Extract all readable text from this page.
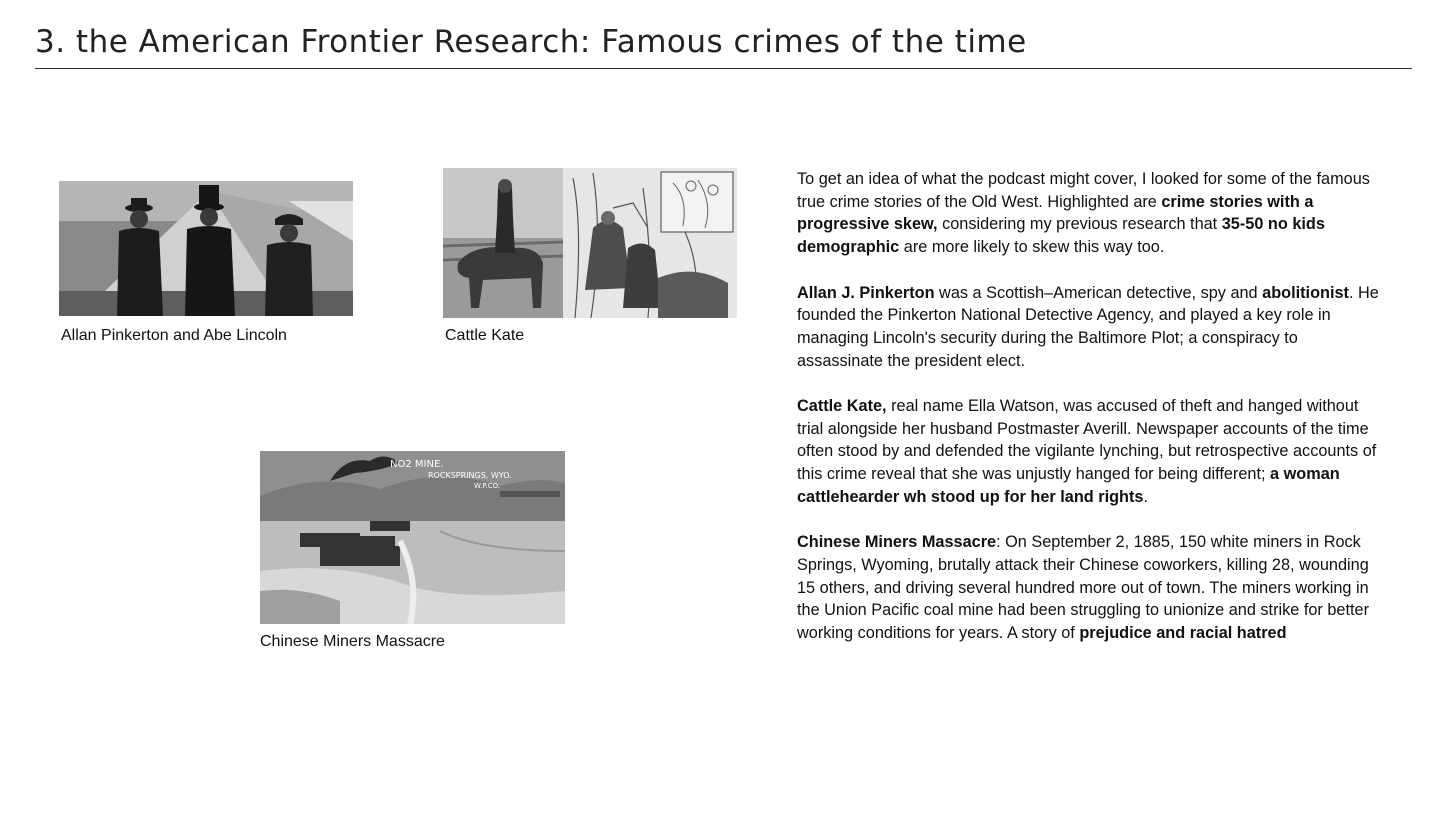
3. the American Frontier Research: Famous crimes of the time
Allan Pinkerton and Abe Lincoln	Cattle Kate
NO2 MINE.
ROCKSPRINGS, WYO.
W.P.CO.
Chinese Miners Massacre

To get an idea of what the podcast might cover, I looked for some of the famous true crime stories of the Old West. Highlighted are crime stories with a progressive skew, considering my previous research that 35-50 no kids demographic are more likely to skew this way too.

Allan J. Pinkerton was a Scottish–American detective, spy and abolitionist. He founded the Pinkerton National Detective Agency, and played a key role in managing Lincoln's security during the Baltimore Plot; a conspiracy to assassinate the president elect.

Cattle Kate, real name Ella Watson, was accused of theft and hanged without trial alongside her husband Postmaster Averill. Newspaper accounts of the time often stood by and defended the vigilante lynching, but retrospective accounts of this crime reveal that she was unjustly hanged for being different; a woman cattlehearder wh stood up for her land rights.

Chinese Miners Massacre: On September 2, 1885, 150 white miners in Rock Springs, Wyoming, brutally attack their Chinese coworkers, killing 28, wounding 15 others, and driving several hundred more out of town. The miners working in the Union Pacific coal mine had been struggling to unionize and strike for better working conditions for years. A story of prejudice and racial hatred
